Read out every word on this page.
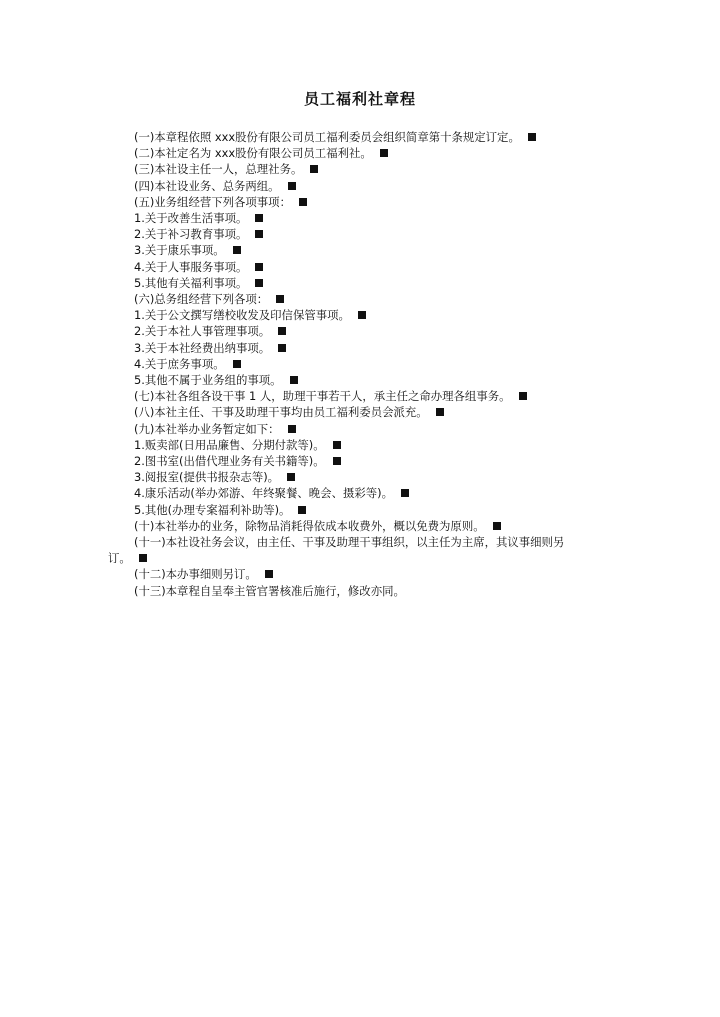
员工福利社章程
(一)本章程依照 xxx股份有限公司员工福利委员会组织简章第十条规定订定。
(二)本社定名为 xxx股份有限公司员工福利社。
(三)本社设主任一人，总理社务。
(四)本社设业务、总务两组。
(五)业务组经营下列各项事项：
1.关于改善生活事项。
2.关于补习教育事项。
3.关于康乐事项。
4.关于人事服务事项。
5.其他有关福利事项。
(六)总务组经营下列各项：
1.关于公文撰写缮校收发及印信保管事项。
2.关于本社人事管理事项。
3.关于本社经费出纳事项。
4.关于庶务事项。
5.其他不属于业务组的事项。
(七)本社各组各设干事 1 人，助理干事若干人，承主任之命办理各组事务。
(八)本社主任、干事及助理干事均由员工福利委员会派充。
(九)本社举办业务暂定如下：
1.贩卖部(日用品廉售、分期付款等)。
2.图书室(出借代理业务有关书籍等)。
3.阅报室(提供书报杂志等)。
4.康乐活动(举办郊游、年终聚餐、晚会、摄彩等)。
5.其他(办理专案福利补助等)。
(十)本社举办的业务，除物品消耗得依成本收费外，概以免费为原则。
(十一)本社设社务会议，由主任、干事及助理干事组织，以主任为主席，其议事细则另
订。
(十二)本办事细则另订。
(十三)本章程自呈奉主管官署核准后施行，修改亦同。
